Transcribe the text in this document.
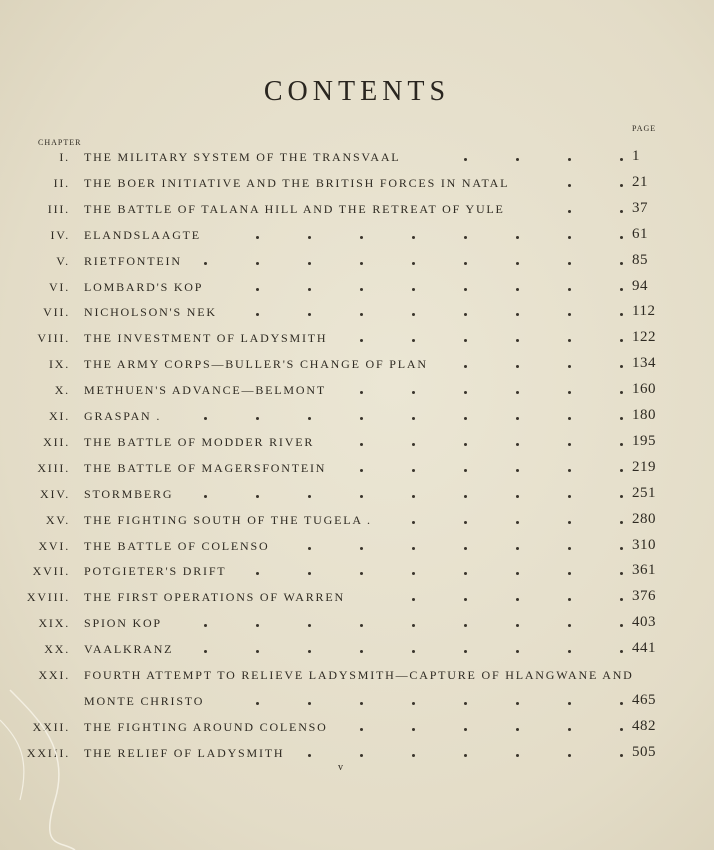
CONTENTS
CHAPTER
PAGE
I. THE MILITARY SYSTEM OF THE TRANSVAAL	1
II. THE BOER INITIATIVE AND THE BRITISH FORCES IN NATAL	21
III. THE BATTLE OF TALANA HILL AND THE RETREAT OF YULE	37
IV. ELANDSLAAGTE	61
V. RIETFONTEIN	85
VI. LOMBARD'S KOP	94
VII. NICHOLSON'S NEK	112
VIII. THE INVESTMENT OF LADYSMITH	122
IX. THE ARMY CORPS—BULLER'S CHANGE OF PLAN	134
X. METHUEN'S ADVANCE—BELMONT	160
XI. GRASPAN .	180
XII. THE BATTLE OF MODDER RIVER	195
XIII. THE BATTLE OF MAGERSFONTEIN	219
XIV. STORMBERG	251
XV. THE FIGHTING SOUTH OF THE TUGELA .	280
XVI. THE BATTLE OF COLENSO	310
XVII. POTGIETER'S DRIFT	361
XVIII. THE FIRST OPERATIONS OF WARREN	376
XIX. SPION KOP	403
XX. VAALKRANZ	441
XXI. FOURTH ATTEMPT TO RELIEVE LADYSMITH—CAPTURE OF HLANGWANE AND
MONTE CHRISTO	465
XXII. THE FIGHTING AROUND COLENSO	482
XXIII. THE RELIEF OF LADYSMITH	505
v
